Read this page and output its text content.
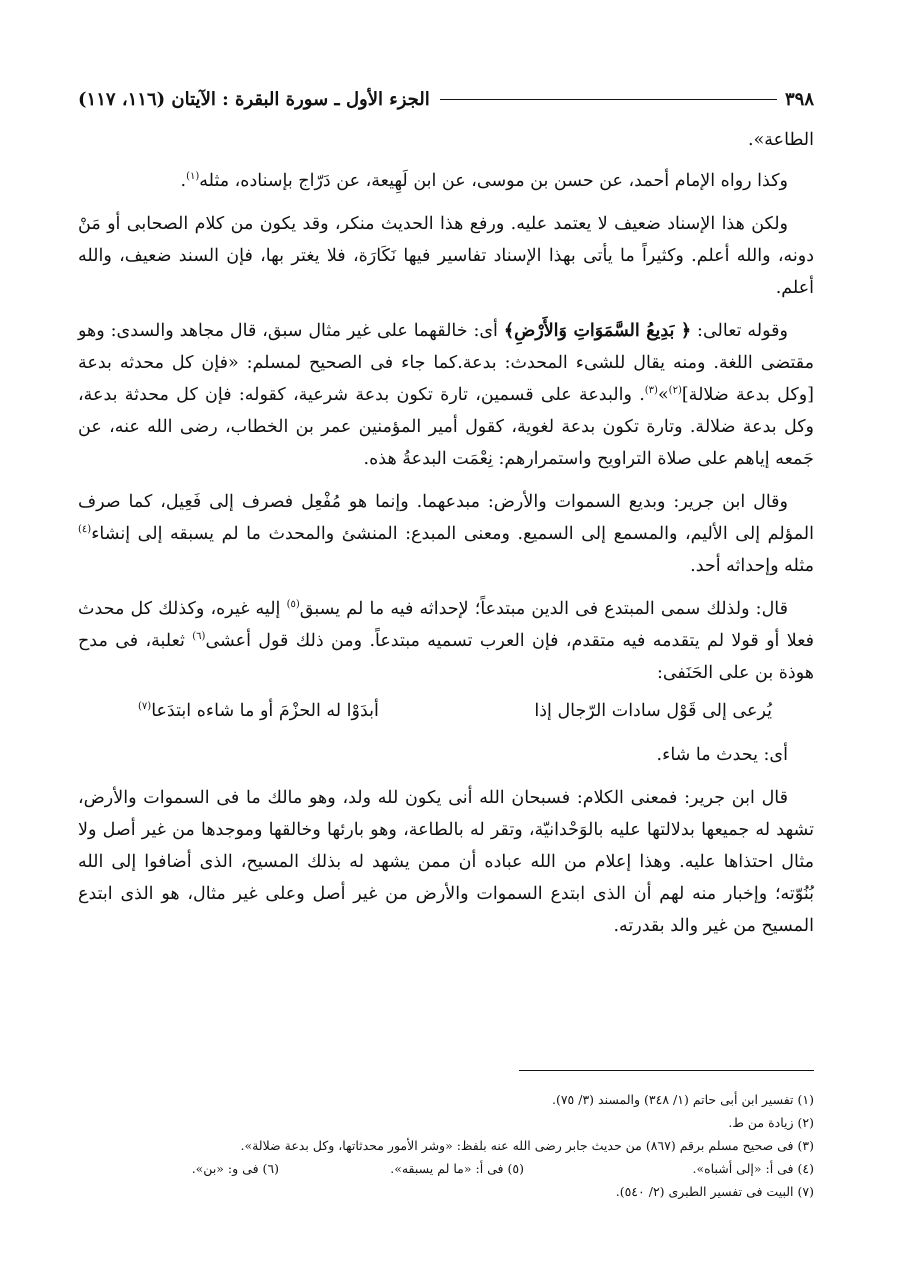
٣٩٨
الجزء الأول ـ سورة البقرة : الآيتان (١١٦، ١١٧)

الطاعة».

وكذا رواه الإمام أحمد، عن حسن بن موسى، عن ابن لَهِيعة، عن دَرّاج بإسناده، مثله$^{(١)}$.

ولكن هذا الإسناد ضعيف لا يعتمد عليه. ورفع هذا الحديث منكر، وقد يكون من كلام الصحابى أو مَنْ دونه، والله أعلم. وكثيراً ما يأتى بهذا الإسناد تفاسير فيها نَكَارَة، فلا يغتر بها، فإن السند ضعيف، والله أعلم.

وقوله تعالى: ﴿ بَدِيعُ السَّمَوَاتِ وَالأَرْضِ﴾ أى: خالقهما على غير مثال سبق، قال مجاهد والسدى: وهو مقتضى اللغة. ومنه يقال للشىء المحدث: بدعة.كما جاء فى الصحيح لمسلم: «فإن كل محدثه بدعة [وكل بدعة ضلالة]$^{(٢)}$»$^{(٣)}$. والبدعة على قسمين، تارة تكون بدعة شرعية، كقوله: فإن كل محدثة بدعة، وكل بدعة ضلالة. وتارة تكون بدعة لغوية، كقول أمير المؤمنين عمر بن الخطاب، رضى الله عنه، عن جَمعه إياهم على صلاة التراويح واستمرارهم: نِعْمَت البدعةُ هذه.

وقال ابن جرير: وبديع السموات والأرض: مبدعهما. وإنما هو مُفْعِل فصرف إلى فَعِيل، كما صرف المؤلم إلى الأليم، والمسمع إلى السميع. ومعنى المبدع: المنشئ والمحدث ما لم يسبقه إلى إنشاء$^{(٤)}$ مثله وإحداثه أحد.

قال: ولذلك سمى المبتدع فى الدين مبتدعاً؛ لإحداثه فيه ما لم يسبق$^{(٥)}$ إليه غيره، وكذلك كل محدث فعلا أو قولا لم يتقدمه فيه متقدم، فإن العرب تسميه مبتدعاً. ومن ذلك قول أعشى$^{(٦)}$ ثعلبة، فى مدح هوذة بن على الحَنَفى:

يُرعى إلى قَوْل سادات الرّجال إذا
أبدَوْا له الحزْمَ أو ما شاءه ابتدَعا$^{(٧)}$

أى: يحدث ما شاء.

قال ابن جرير: فمعنى الكلام: فسبحان الله أنى يكون لله ولد، وهو مالك ما فى السموات والأرض، تشهد له جميعها بدلالتها عليه بالوَحْدانيّة، وتقر له بالطاعة، وهو بارئها وخالقها وموجدها من غير أصل ولا مثال احتذاها عليه. وهذا إعلام من الله عباده أن ممن يشهد له بذلك المسيح، الذى أضافوا إلى الله بُنُوّته؛ وإخبار منه لهم أن الذى ابتدع السموات والأرض من غير أصل وعلى غير مثال، هو الذى ابتدع المسيح من غير والد بقدرته.

(١) تفسير ابن أبى حاتم (١/ ٣٤٨) والمسند (٣/ ٧٥).
(٢) زيادة من ط.
(٣) فى صحيح مسلم برقم (٨٦٧) من حديث جابر رضى الله عنه بلفظ: «وشر الأمور محدثاتها، وكل بدعة ضلالة».
(٤) فى أ: «إلى أشباه».
(٥) فى أ: «ما لم يسبقه».
(٦) فى و: «بن».
(٧) البيت فى تفسير الطبرى (٢/ ٥٤٠).
